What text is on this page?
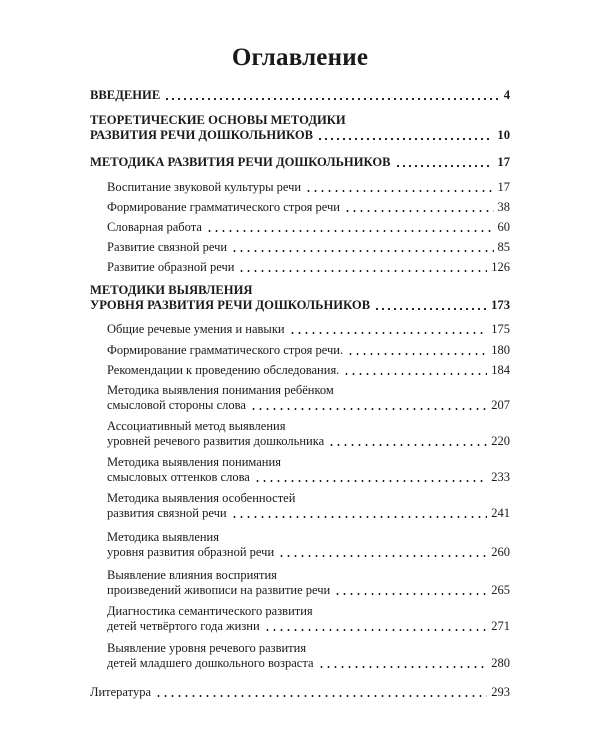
Оглавление
ВВЕДЕНИЕ	4
ТЕОРЕТИЧЕСКИЕ ОСНОВЫ МЕТОДИКИ
РАЗВИТИЯ РЕЧИ ДОШКОЛЬНИКОВ	10
МЕТОДИКА РАЗВИТИЯ РЕЧИ ДОШКОЛЬНИКОВ	17
Воспитание звуковой культуры речи	17
Формирование грамматического строя речи	38
Словарная работа	60
Развитие связной речи	85
Развитие образной речи	126
МЕТОДИКИ ВЫЯВЛЕНИЯ
УРОВНЯ РАЗВИТИЯ РЕЧИ ДОШКОЛЬНИКОВ	173
Общие речевые умения и навыки	175
Формирование грамматического строя речи.	180
Рекомендации к проведению обследования.	184
Методика выявления понимания ребёнком
смысловой стороны слова	207
Ассоциативный метод выявления
уровней речевого развития дошкольника	220
Методика выявления понимания
смысловых оттенков слова	233
Методика выявления особенностей
развития связной речи	241
Методика выявления
уровня развития образной речи	260
Выявление влияния восприятия
произведений живописи на развитие речи	265
Диагностика семантического развития
детей четвёртого года жизни	271
Выявление уровня речевого развития
детей младшего дошкольного возраста	280
Литература	293
